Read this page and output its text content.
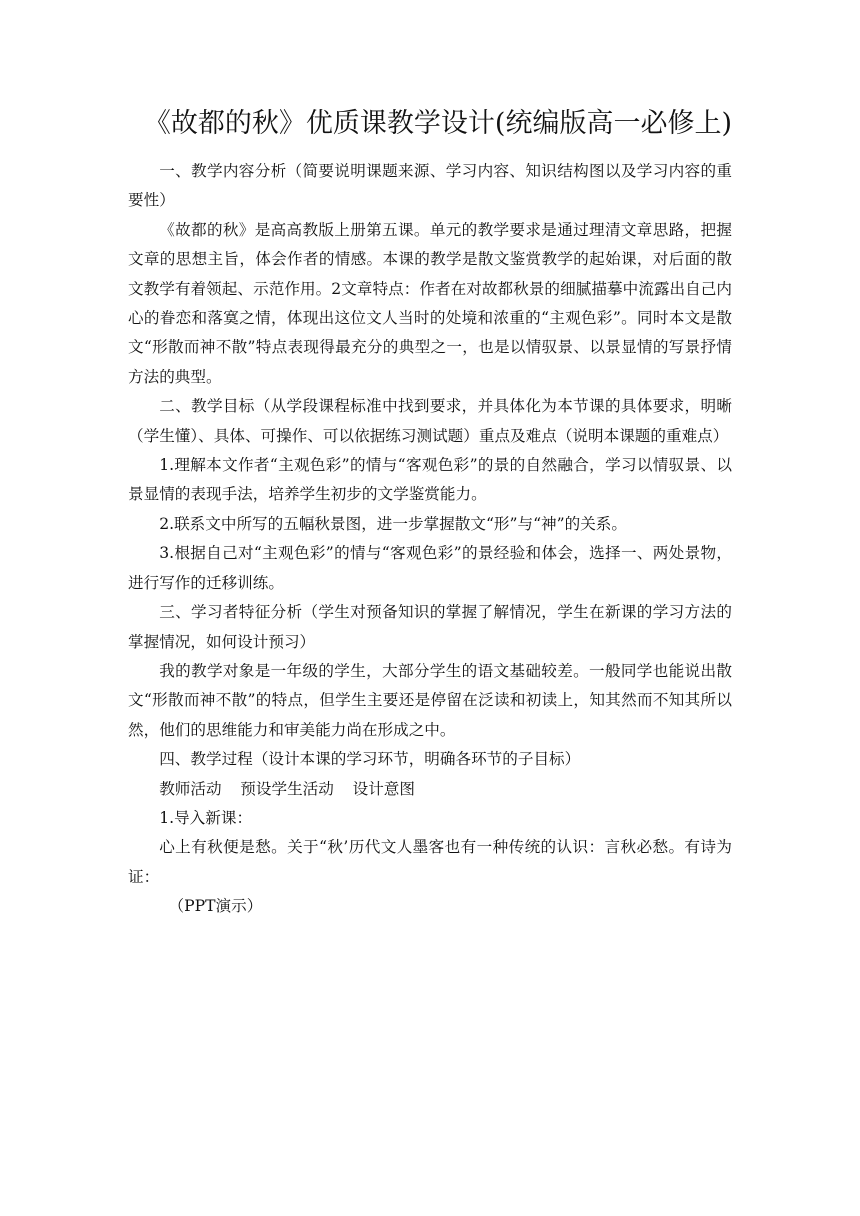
《故都的秋》优质课教学设计(统编版高一必修上)

一、教学内容分析（简要说明课题来源、学习内容、知识结构图以及学习内容的重要性）

《故都的秋》是高高教版上册第五课。单元的教学要求是通过理清文章思路，把握文章的思想主旨，体会作者的情感。本课的教学是散文鉴赏教学的起始课，对后面的散文教学有着领起、示范作用。2文章特点：作者在对故都秋景的细腻描摹中流露出自己内心的眷恋和落寞之情，体现出这位文人当时的处境和浓重的“主观色彩”。同时本文是散文“形散而神不散”特点表现得最充分的典型之一，也是以情驭景、以景显情的写景抒情方法的典型。

二、教学目标（从学段课程标准中找到要求，并具体化为本节课的具体要求，明晰（学生懂）、具体、可操作、可以依据练习测试题）重点及难点（说明本课题的重难点）

1.理解本文作者“主观色彩”的情与“客观色彩”的景的自然融合，学习以情驭景、以景显情的表现手法，培养学生初步的文学鉴赏能力。

2.联系文中所写的五幅秋景图，进一步掌握散文“形”与“神”的关系。

3.根据自己对“主观色彩”的情与“客观色彩”的景经验和体会，选择一、两处景物，进行写作的迁移训练。

三、学习者特征分析（学生对预备知识的掌握了解情况，学生在新课的学习方法的掌握情况，如何设计预习）

我的教学对象是一年级的学生，大部分学生的语文基础较差。一般同学也能说出散文“形散而神不散”的特点，但学生主要还是停留在泛读和初读上，知其然而不知其所以然，他们的思维能力和审美能力尚在形成之中。

四、教学过程（设计本课的学习环节，明确各环节的子目标）

教师活动 预设学生活动 设计意图

1.导入新课：

心上有秋便是愁。关于“秋’历代文人墨客也有一种传统的认识：言秋必愁。有诗为证：

（PPT演示）
